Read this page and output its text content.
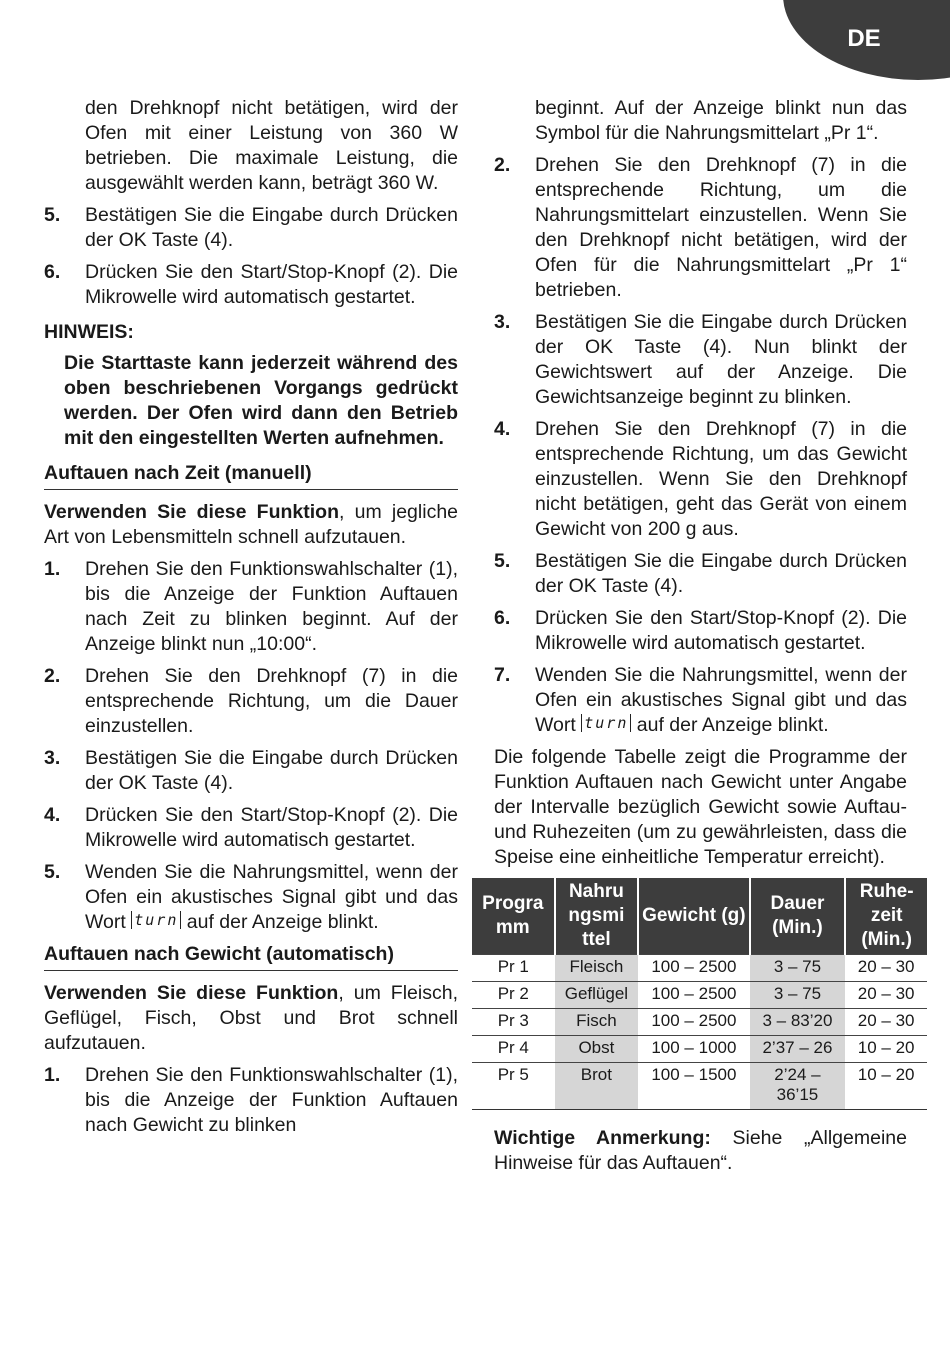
DE
den Drehknopf nicht betätigen, wird der Ofen mit einer Leistung von 360 W betrieben. Die maximale Leistung, die ausgewählt werden kann, beträgt 360 W.
5. Bestätigen Sie die Eingabe durch Drücken der OK Taste (4).
6. Drücken Sie den Start/Stop-Knopf (2). Die Mikrowelle wird automatisch gestartet.
HINWEIS:
Die Starttaste kann jederzeit während des oben beschriebenen Vorgangs gedrückt werden. Der Ofen wird dann den Betrieb mit den eingestellten Werten aufnehmen.
Auftauen nach Zeit (manuell)
Verwenden Sie diese Funktion, um jegliche Art von Lebensmitteln schnell aufzutauen.
1. Drehen Sie den Funktionswahlschalter (1), bis die Anzeige der Funktion Auftauen nach Zeit zu blinken beginnt. Auf der Anzeige blinkt nun „10:00“.
2. Drehen Sie den Drehknopf (7) in die entsprechende Richtung, um die Dauer einzustellen.
3. Bestätigen Sie die Eingabe durch Drücken der OK Taste (4).
4. Drücken Sie den Start/Stop-Knopf (2). Die Mikrowelle wird automatisch gestartet.
5. Wenden Sie die Nahrungsmittel, wenn der Ofen ein akustisches Signal gibt und das Wort turn auf der Anzeige blinkt.
Auftauen nach Gewicht (automatisch)
Verwenden Sie diese Funktion, um Fleisch, Geflügel, Fisch, Obst und Brot schnell aufzutauen.
1. Drehen Sie den Funktionswahlschalter (1), bis die Anzeige der Funktion Auftauen nach Gewicht zu blinken
beginnt. Auf der Anzeige blinkt nun das Symbol für die Nahrungsmittelart „Pr 1“.
2. Drehen Sie den Drehknopf (7) in die entsprechende Richtung, um die Nahrungsmittelart einzustellen. Wenn Sie den Drehknopf nicht betätigen, wird der Ofen für die Nahrungsmittelart „Pr 1“ betrieben.
3. Bestätigen Sie die Eingabe durch Drücken der OK Taste (4). Nun blinkt der Gewichtswert auf der Anzeige. Die Gewichtsanzeige beginnt zu blinken.
4. Drehen Sie den Drehknopf (7) in die entsprechende Richtung, um das Gewicht einzustellen. Wenn Sie den Drehknopf nicht betätigen, geht das Gerät von einem Gewicht von 200 g aus.
5. Bestätigen Sie die Eingabe durch Drücken der OK Taste (4).
6. Drücken Sie den Start/Stop-Knopf (2). Die Mikrowelle wird automatisch gestartet.
7. Wenden Sie die Nahrungsmittel, wenn der Ofen ein akustisches Signal gibt und das Wort turn auf der Anzeige blinkt.
Die folgende Tabelle zeigt die Programme der Funktion Auftauen nach Gewicht unter Angabe der Intervalle bezüglich Gewicht sowie Auftau- und Ruhezeiten (um zu gewährleisten, dass die Speise eine einheitliche Temperatur erreicht).
Progra mm	Nahru ngsmi ttel	Gewicht (g)	Dauer (Min.)	Ruhe- zeit (Min.)
Pr 1	Fleisch	100 – 2500	3 – 75	20 – 30
Pr 2	Geflügel	100 – 2500	3 – 75	20 – 30
Pr 3	Fisch	100 – 2500	3 – 83’20	20 – 30
Pr 4	Obst	100 – 1000	2’37 – 26	10 – 20
Pr 5	Brot	100 – 1500	2’24 – 36’15	10 – 20
Wichtige Anmerkung: Siehe „Allgemeine Hinweise für das Auftauen“.
